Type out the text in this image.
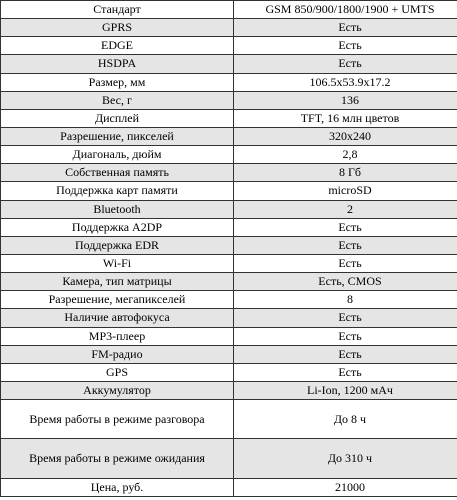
Стандарт	GSM 850/900/1800/1900 + UMTS
GPRS	Есть
EDGE	Есть
HSDPA	Есть
Размер, мм	106.5x53.9x17.2
Вес, г	136
Дисплей	TFT, 16 млн цветов
Разрешение, пикселей	320x240
Диагональ, дюйм	2,8
Собственная память	8 Гб
Поддержка карт памяти	microSD
Bluetooth	2
Поддержка A2DP	Есть
Поддержка EDR	Есть
Wi-Fi	Есть
Камера, тип матрицы	Есть, CMOS
Разрешение, мегапикселей	8
Наличие автофокуса	Есть
MP3-плеер	Есть
FM-радио	Есть
GPS	Есть
Аккумулятор	Li-Ion, 1200 мАч
Время работы в режиме разговора	До 8 ч
Время работы в режиме ожидания	До 310 ч
Цена, руб.	21000
